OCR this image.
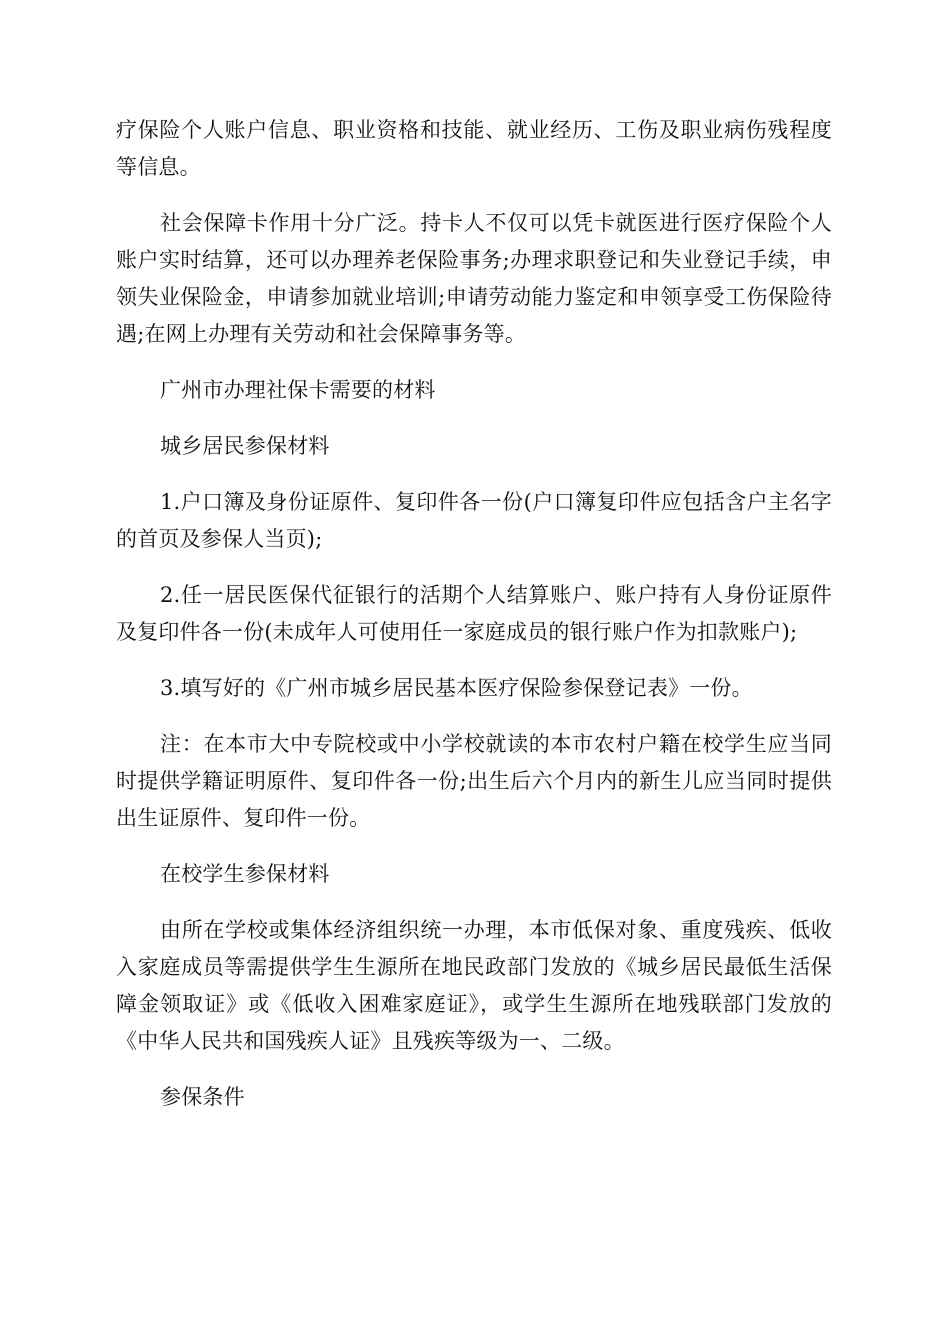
疗保险个人账户信息、职业资格和技能、就业经历、工伤及职业病伤残程度等信息。

社会保障卡作用十分广泛。持卡人不仅可以凭卡就医进行医疗保险个人账户实时结算，还可以办理养老保险事务;办理求职登记和失业登记手续，申领失业保险金，申请参加就业培训;申请劳动能力鉴定和申领享受工伤保险待遇;在网上办理有关劳动和社会保障事务等。

广州市办理社保卡需要的材料

城乡居民参保材料

1.户口簿及身份证原件、复印件各一份(户口簿复印件应包括含户主名字的首页及参保人当页);

2.任一居民医保代征银行的活期个人结算账户、账户持有人身份证原件及复印件各一份(未成年人可使用任一家庭成员的银行账户作为扣款账户);

3.填写好的《广州市城乡居民基本医疗保险参保登记表》一份。

注：在本市大中专院校或中小学校就读的本市农村户籍在校学生应当同时提供学籍证明原件、复印件各一份;出生后六个月内的新生儿应当同时提供出生证原件、复印件一份。

在校学生参保材料

由所在学校或集体经济组织统一办理，本市低保对象、重度残疾、低收入家庭成员等需提供学生生源所在地民政部门发放的《城乡居民最低生活保障金领取证》或《低收入困难家庭证》，或学生生源所在地残联部门发放的《中华人民共和国残疾人证》且残疾等级为一、二级。

参保条件
